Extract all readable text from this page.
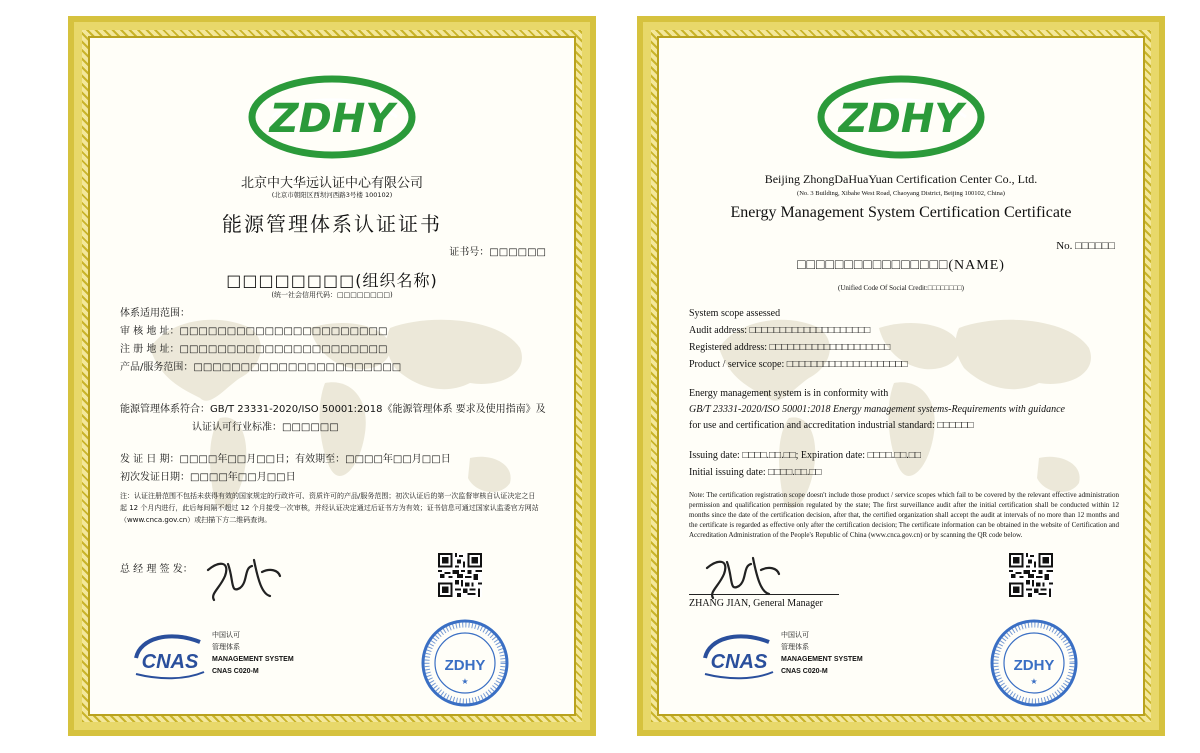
ZDHY
北京中大华远认证中心有限公司
(北京市朝阳区西坝河西路3号楼 100102)
能源管理体系认证证书
证书号：□□□□□□
□□□□□□□□(组织名称)
(统一社会信用代码：□□□□□□□□)
体系适用范围：
审 核 地 址：□□□□□□□□□□□□□□□□□□□□□□
注 册 地 址：□□□□□□□□□□□□□□□□□□□□□□
产品/服务范围：□□□□□□□□□□□□□□□□□□□□□□
能源管理体系符合：GB/T 23331-2020/ISO 50001:2018《能源管理体系 要求及使用指南》及
认证认可行业标准：□□□□□□
发 证 日 期：□□□□年□□月□□日；有效期至：□□□□年□□月□□日
初次发证日期：□□□□年□□月□□日
注：认证注册范围不包括未获得有效的国家规定的行政许可、资质许可的产品/服务范围；初次认证后的第一次监督审核自认证决定之日起 12 个月内进行，此后每间隔不超过 12 个月接受一次审核，并经认证决定通过后证书方为有效；证书信息可通过国家认监委官方网站（www.cnca.gov.cn）或扫描下方二维码查询。
总 经 理 签 发：
CNAS
中国认可
管理体系
MANAGEMENT SYSTEM
CNAS C020-M	ZDHY
★
ZDHY
Beijing ZhongDaHuaYuan Certification Center Co., Ltd.
(No. 3 Building, Xibahe West Road, Chaoyang District, Beijing 100102, China)
Energy Management System Certification Certificate
No. □□□□□□
□□□□□□□□□□□□□□□□(NAME)
(Unified Code Of Social Credit:□□□□□□□□)
System scope assessed
Audit address: □□□□□□□□□□□□□□□□□□□□
Registered address: □□□□□□□□□□□□□□□□□□□□
Product / service scope: □□□□□□□□□□□□□□□□□□□□
Energy management system is in conformity with
GB/T 23331-2020/ISO 50001:2018 Energy management systems-Requirements with guidance
for use and certification and accreditation industrial standard: □□□□□□
Issuing date: □□□□.□□.□□; Expiration date: □□□□.□□.□□
Initial issuing date: □□□□.□□.□□
Note: The certification registration scope doesn't include those product / service scopes which fail to be covered by the relevant effective administration permission and qualification permission regulated by the state; The first surveillance audit after the initial certification shall be conducted within 12 months since the date of the certification decision, after that, the certified organization shall accept the audit at intervals of no more than 12 months and the certificate is regarded as effective only after the certification decision; The certificate information can be obtained in the website of Certification and Accreditation Administration of the People's Republic of China (www.cnca.gov.cn) or by scanning the QR code below.
ZHANG JIAN, General Manager
CNAS
中国认可
管理体系
MANAGEMENT SYSTEM
CNAS C020-M	ZDHY
★
